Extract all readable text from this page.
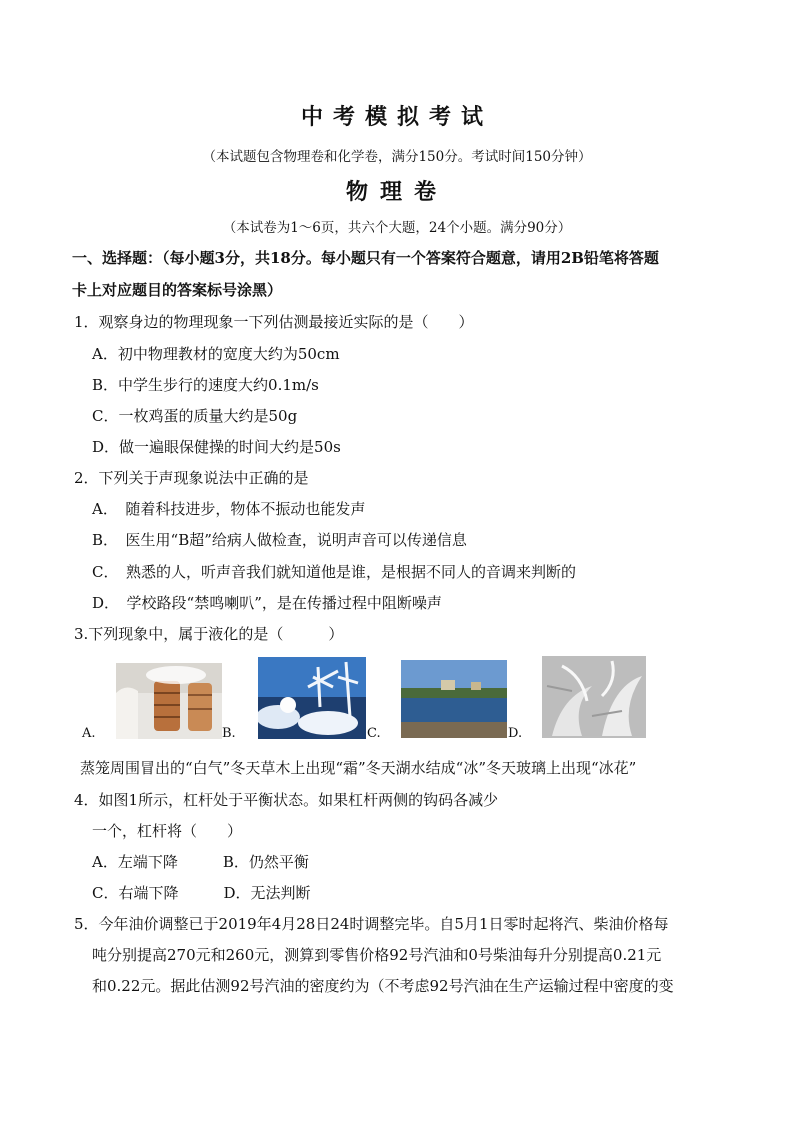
中考模拟考试
（本试题包含物理卷和化学卷，满分150分。考试时间150分钟）
物理卷
（本试卷为1～6页，共六个大题，24个小题。满分90分）
一、选择题：（每小题3分，共18分。每小题只有一个答案符合题意，请用2B铅笔将答题
卡上对应题目的答案标号涂黑）
1．观察身边的物理现象一下列估测最接近实际的是（　　）
A．初中物理教材的宽度大约为50cm
B．中学生步行的速度大约0.1m/s
C．一枚鸡蛋的质量大约是50g
D．做一遍眼保健操的时间大约是50s
2．下列关于声现象说法中正确的是
A．　随着科技进步，物体不振动也能发声
B．　医生用“B超”给病人做检查，说明声音可以传递信息
C．　熟悉的人，听声音我们就知道他是谁，是根据不同人的音调来判断的
D．　学校路段“禁鸣喇叭”，是在传播过程中阻断噪声
3.下列现象中，属于液化的是（　　　）
A.	B.	C.	D.
蒸笼周围冒出的“白气”冬天草木上出现“霜”冬天湖水结成“冰”冬天玻璃上出现“冰花”
4．如图1所示，杠杆处于平衡状态。如果杠杆两侧的钩码各减少
一个，杠杆将（　　）
A．左端下降　　　B．仍然平衡
C．右端下降　　　D．无法判断
5．今年油价调整已于2019年4月28日24时调整完毕。自5月1日零时起将汽、柴油价格每
吨分别提高270元和260元，测算到零售价格92号汽油和0号柴油每升分别提高0.21元
和0.22元。据此估测92号汽油的密度约为（不考虑92号汽油在生产运输过程中密度的变
